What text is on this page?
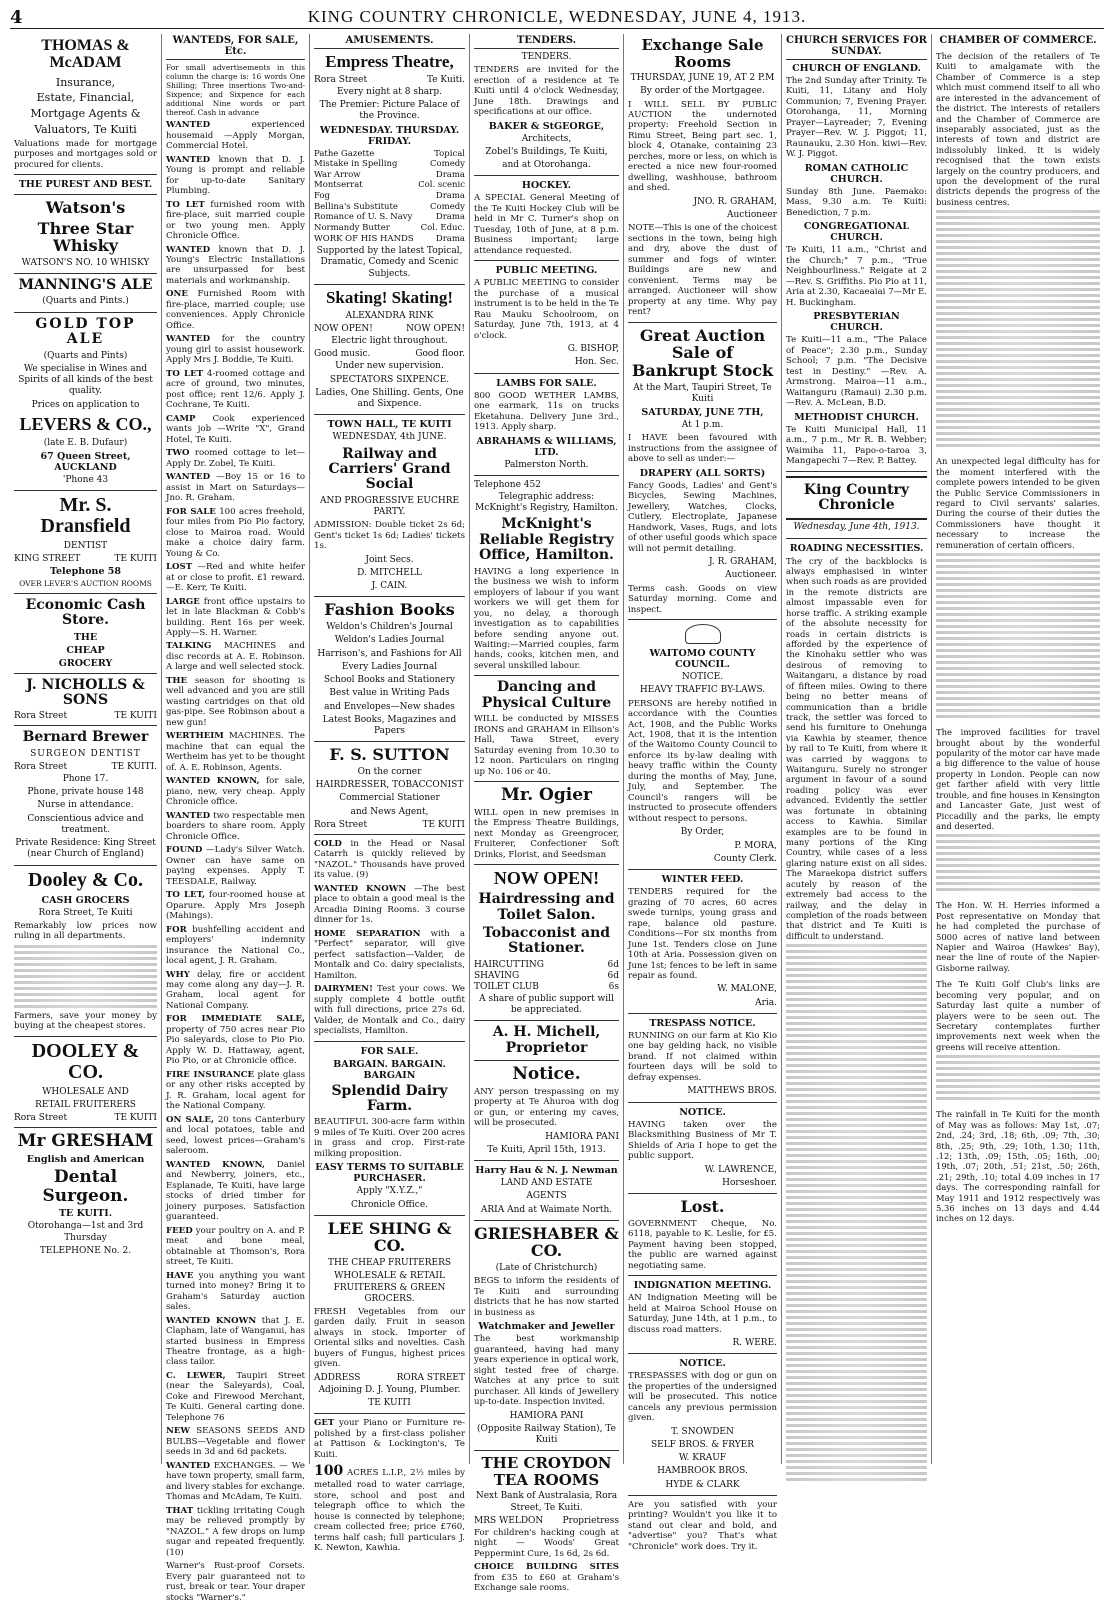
4	KING COUNTRY CHRONICLE, WEDNESDAY, JUNE 4, 1913.
THOMAS & McADAM
Insurance,
Estate, Financial,
Mortgage Agents &
Valuators, Te Kuiti
Valuations made for mortgage purposes and mortgages sold or procured for clients.
THE PUREST AND BEST.
Watson's
Three Star Whisky
WATSON'S NO. 10 WHISKY
MANNING'S ALE
(Quarts and Pints.)
GOLD TOP ALE
(Quarts and Pints)
We specialise in Wines and Spirits of all kinds of the best quality.
Prices on application to
LEVERS & CO.,
(late E. B. Dufaur)
67 Queen Street, AUCKLAND
'Phone 43
Mr. S. Dransfield
DENTIST
KING STREET	TE KUITI
Telephone 58
OVER LEVER'S AUCTION ROOMS
Economic Cash Store.
THE
CHEAP
GROCERY
J. NICHOLLS & SONS
Rora Street	TE KUITI
Bernard Brewer
SURGEON DENTIST
Rora Street	TE KUITI.
Phone 17.
Phone, private house 148
Nurse in attendance.
Conscientious advice and treatment.
Private Residence: King Street (near Church of England)
Dooley & Co.
CASH GROCERS
Rora Street, Te Kuiti
Remarkably low prices now ruling in all departments.
Farmers, save your money by buying at the cheapest stores.
DOOLEY & CO.
WHOLESALE AND
RETAIL FRUITERERS
Rora Street	TE KUITI
Mr GRESHAM
English and American
Dental Surgeon.
TE KUITI.
Otorohanga—1st and 3rd Thursday
TELEPHONE No. 2.
WANTEDS, FOR SALE, Etc.
For small advertisements in this column the charge is: 16 words One Shilling; Three insertions Two-and-Sixpence; and Sixpence for each additional Nine words or part thereof. Cash in advance
WANTED	experienced housemaid —Apply Morgan, Commercial Hotel.
WANTED known that D. J. Young is prompt and reliable for up-to-date Sanitary Plumbing.
TO LET furnished room with fire-place, suit married couple or two young men. Apply Chronicle Office.
WANTED known that D. J. Young's Electric Installations are unsurpassed for best materials and workmanship.
ONE Furnished Room with fire-place, married couple; use conveniences. Apply Chronicle Office.
WANTED for the country young girl to assist housework. Apply Mrs J. Boddie, Te Kuiti.
TO LET 4-roomed cottage and acre of ground, two minutes, post office; rent 12/6. Apply J. Cochrane, Te Kuiti.
CAMP Cook experienced wants job —Write "X", Grand Hotel, Te Kuiti.
TWO roomed cottage to let—Apply Dr. Zobel, Te Kuiti.
WANTED —Boy 15 or 16 to assist in Mart on Saturdays—Jno. R. Graham.
FOR SALE 100 acres freehold, four miles from Pio Pio factory, close to Mairoa road. Would make a choice dairy farm. Young & Co.
LOST —Red and white heifer at or close to profit. £1 reward.—E. Kerr, Te Kuiti.
LARGE front office upstairs to let in late Blackman & Cobb's building. Rent 16s per week. Apply—S. H. Warner.
TALKING MACHINES and disc records at A. E. Robinson. A large and well selected stock.
THE season for shooting is well advanced and you are still wasting cartridges on that old gas-pipe. See Robinson about a new gun!
WERTHEIM MACHINES. The machine that can equal the Wertheim has yet to be thought of. A. E. Robinson, Agents.
WANTED KNOWN, for sale, piano, new, very cheap. Apply Chronicle office.
WANTED two respectable men boarders to share room. Apply Chronicle Office.
FOUND —Lady's Silver Watch. Owner can have same on paying expenses. Apply T. TEESDALE, Railway.
TO LET, four-roomed house at Oparure. Apply Mrs Joseph (Mahings).
FOR bushfelling accident and employers' indemnity insurance the National Co., local agent, J. R. Graham.
WHY delay, fire or accident may come along any day—J. R. Graham, local agent for National Company.
FOR IMMEDIATE SALE, property of 750 acres near Pio Pio saleyards, close to Pio Pio. Apply W. D. Hattaway, agent, Pio Pio, or at Chronicle office.
FIRE INSURANCE plate glass or any other risks accepted by J. R. Graham, local agent for the National Company.
ON SALE, 20 tons Canterbury and local potatoes, table and seed, lowest prices—Graham's saleroom.
WANTED KNOWN, Daniel and Newberry, joiners, etc., Esplanade, Te Kuiti, have large stocks of dried timber for joinery purposes. Satisfaction guaranteed.
FEED your poultry on A. and P. meat and bone meal, obtainable at Thomson's, Rora street, Te Kuiti.
HAVE you anything you want turned into money? Bring it to Graham's Saturday auction sales.
WANTED KNOWN that J. E. Clapham, late of Wanganui, has started business in Empress Theatre frontage, as a high-class tailor.
C. LEWER, Taupiri Street (near the Saleyards), Coal, Coke and Firewood Merchant, Te Kuiti. General carting done. Telephone 76
NEW SEASONS SEEDS AND BULBS—Vegetable and flower seeds in 3d and 6d packets.
WANTED EXCHANGES. — We have town property, small farm, and livery stables for exchange. Thomas and McAdam, Te Kuiti.
THAT tickling irritating Cough may be relieved promptly by "NAZOL." A few drops on lump sugar and repeated frequently. (10)
Warner's Rust-proof Corsets. Every pair guaranteed not to rust, break or tear. Your draper stocks "Warner's."
AMUSEMENTS.
Empress Theatre,
Rora Street	Te Kuiti.
Every night at 8 sharp.
The Premier: Picture Palace of the Province.
WEDNESDAY. THURSDAY. FRIDAY.
Pathe Gazette	Topical
Mistake in Spelling	Comedy
War Arrow	Drama
Montserrat	Col. scenic
Fog	Drama
Bellina's Substitute	Comedy
Romance of U. S. Navy	Drama
Normandy Butter	Col. Educ.
WORK OF HIS HANDS	Drama
Supported by the latest Topical, Dramatic, Comedy and Scenic Subjects.
Skating! Skating!
ALEXANDRA RINK
NOW OPEN!	NOW OPEN!
Electric light throughout.
Good music.	Good floor.
Under new supervision.
SPECTATORS SIXPENCE.
Ladies, One Shilling. Gents, One and Sixpence.
TOWN HALL, TE KUITI
WEDNESDAY, 4th JUNE.
Railway and Carriers' Grand Social
AND PROGRESSIVE EUCHRE PARTY.
ADMISSION: Double ticket 2s 6d; Gent's ticket 1s 6d; Ladies' tickets 1s.
Joint Secs.
D. MITCHELL
J. CAIN.
Fashion Books
Weldon's Children's Journal
Weldon's Ladies Journal
Harrison's, and Fashions for All
Every Ladies Journal
School Books and Stationery
Best value in Writing Pads
and Envelopes—New shades
Latest Books, Magazines and Papers
F. S. SUTTON
On the corner
HAIRDRESSER, TOBACCONIST
Commercial Stationer
and News Agent,
Rora Street	TE KUITI
COLD in the Head or Nasal Catarrh is quickly relieved by "NAZOL." Thousands have proved its value. (9)
WANTED KNOWN —The best place to obtain a good meal is the Arcadia Dining Rooms. 3 course dinner for 1s.
HOME SEPARATION with a "Perfect" separator, will give perfect satisfaction—Valder, de Montalk and Co. dairy specialists, Hamilton.
DAIRYMEN! Test your cows. We supply complete 4 bottle outfit with full directions, price 27s 6d. Valder, de Montalk and Co., dairy specialists, Hamilton.
FOR SALE.
BARGAIN. BARGAIN. BARGAIN
Splendid Dairy Farm.
BEAUTIFUL 300-acre farm within 9 miles of Te Kuiti. Over 200 acres in grass and crop. First-rate milking proposition.
EASY TERMS TO SUITABLE PURCHASER.
Apply "X.Y.Z.,"
Chronicle Office.
LEE SHING & CO.
THE CHEAP FRUITERERS
WHOLESALE & RETAIL FRUITERERS & GREEN GROCERS.
FRESH Vegetables from our garden daily. Fruit in season always in stock. Importer of Oriental silks and novelties. Cash buyers of Fungus, highest prices given.
ADDRESS	RORA STREET
Adjoining D. J. Young, Plumber.
TE KUITI
GET your Piano or Furniture re-polished by a first-class polisher at Pattison & Lockington's, Te Kuiti.
100 ACRES L.I.P., 2½ miles by metalled road to water carriage, store, school and post and telegraph office to which the house is connected by telephone; cream collected free; price £760, terms half cash; full particulars J. K. Newton, Kawhia.
TENDERS.
TENDERS.
TENDERS are invited for the erection of a residence at Te Kuiti until 4 o'clock Wednesday, June 18th. Drawings and specifications at our office.
BAKER & StGEORGE,
Architects,
Zobel's Buildings, Te Kuiti,
and at Otorohanga.
HOCKEY.
A SPECIAL General Meeting of the Te Kuiti Hockey Club will be held in Mr C. Turner's shop on Tuesday, 10th of June, at 8 p.m. Business important; large attendance requested.
PUBLIC MEETING.
A PUBLIC MEETING to consider the purchase of a musical instrument is to be held in the Te Rau Mauku Schoolroom, on Saturday, June 7th, 1913, at 4 o'clock.
G. BISHOP,
Hon. Sec.
LAMBS FOR SALE.
800 GOOD WETHER LAMBS, one earmark, 11s on trucks Eketahuna. Delivery June 3rd., 1913. Apply sharp.
ABRAHAMS & WILLIAMS, LTD.
Palmerston North.
Telephone 452
Telegraphic address: McKnight's Registry, Hamilton.
McKnight's Reliable Registry Office, Hamilton.
HAVING a long experience in the business we wish to inform employers of labour if you want workers we will get them for you, no delay, a thorough investigation as to capabilities before sending anyone out. Waiting:—Married couples, farm hands, cooks, kitchen men, and several unskilled labour.
Dancing and Physical Culture
WILL be conducted by MISSES IRONS and GRAHAM in Ellison's Hall, Tawa Street, every Saturday evening from 10.30 to 12 noon. Particulars on ringing up No. 106 or 40.
Mr. Ogier
WILL open in new premises in the Empress Theatre Buildings, next Monday as Greengrocer, Fruiterer, Confectioner Soft Drinks, Florist, and Seedsman
NOW OPEN!
Hairdressing and Toilet Salon.
Tobacconist and Stationer.
HAIRCUTTING	6d
SHAVING	6d
TOILET CLUB	6s
A share of public support will be appreciated.
A. H. Michell, Proprietor
Notice.
ANY person trespassing on my property at Te Ahuroa with dog or gun, or entering my caves, will be prosecuted.
HAMIORA PANI
Te Kuiti, April 15th, 1913.
Harry Hau & N. J. Newman
LAND AND ESTATE
AGENTS
ARIA And at Waimate North.
GRIESHABER & CO.
(Late of Christchurch)
BEGS to inform the residents of Te Kuiti and surrounding districts that he has now started in business as
Watchmaker and Jeweller
The best workmanship guaranteed, having had many years experience in optical work, sight tested free of charge. Watches at any price to suit purchaser. All kinds of Jewellery up-to-date. Inspection invited.
HAMIORA PANI
(Opposite Railway Station), Te Kuiti
THE CROYDON TEA ROOMS
Next Bank of Australasia, Rora Street, Te Kuiti.
MRS WELDON Proprietress
For children's hacking cough at night — Woods' Great Peppermint Cure, 1s 6d, 2s 6d.
CHOICE BUILDING SITES from £35 to £60 at Graham's Exchange sale rooms.
Exchange Sale Rooms
THURSDAY, JUNE 19, AT 2 P.M
By order of the Mortgagee.
I WILL SELL BY PUBLIC AUCTION the undernoted property: Freehold Section in Rimu Street, Being part sec. 1, block 4, Otanake, containing 23 perches, more or less, on which is erected a nice new four-roomed dwelling, washhouse, bathroom and shed.
JNO. R. GRAHAM,
Auctioneer
NOTE—This is one of the choicest sections in the town, being high and dry, above the dust of summer and fogs of winter. Buildings are new and convenient. Terms may be arranged. Auctioneer will show property at any time. Why pay rent?
Great Auction Sale of Bankrupt Stock
At the Mart, Taupiri Street, Te Kuiti
SATURDAY, JUNE 7TH,
At 1 p.m.
I HAVE been favoured with instructions from the assignee of above to sell as under:—
DRAPERY (ALL SORTS)
Fancy Goods, Ladies' and Gent's Bicycles, Sewing Machines, Jewellery, Watches, Clocks, Cutlery, Electroplate, Japanese Handwork, Vases, Rugs, and lots of other useful goods which space will not permit detailing.
J. R. GRAHAM,
Auctioneer.
Terms cash. Goods on view Saturday morning. Come and inspect.
WAITOMO COUNTY COUNCIL.
NOTICE.
HEAVY TRAFFIC BY-LAWS.
PERSONS are hereby notified in accordance with the Counties Act, 1908, and the Public Works Act, 1908, that it is the intention of the Waitomo County Council to enforce its by-law dealing with heavy traffic within the County during the months of May, June, July, and September. The Council's rangers will be instructed to prosecute offenders without respect to persons.
By Order,
P. MORA,
County Clerk.
WINTER FEED.
TENDERS required for the grazing of 70 acres, 60 acres swede turnips, young grass and rape, balance old pasture. Conditions—For six months from June 1st. Tenders close on June 10th at Aria. Possession given on June 1st; fences to be left in same repair as found.
W. MALONE,
Aria.
TRESPASS NOTICE.
RUNNING on our farm at Kio Kio one bay gelding hack, no visible brand. If not claimed within fourteen days will be sold to defray expenses.
MATTHEWS BROS.
NOTICE.
HAVING taken over the Blacksmithing Business of Mr T. Shields of Aria I hope to get the public support.
W. LAWRENCE,
Horseshoer.
Lost.
GOVERNMENT Cheque, No. 6118, payable to K. Leslie, for £5. Payment having been stopped, the public are warned against negotiating same.
INDIGNATION MEETING.
AN Indignation Meeting will be held at Mairoa School House on Saturday, June 14th, at 1 p.m., to discuss road matters.
R. WERE.
NOTICE.
TRESPASSES with dog or gun on the properties of the undersigned will be prosecuted. This notice cancels any previous permission given.
T. SNOWDEN
SELF BROS. & FRYER
W. KRAUF
HAMBROOK BROS.
HYDE & CLARK
Are you satisfied with your printing? Wouldn't you like it to stand out clear and bold, and "advertise" you? That's what "Chronicle" work does. Try it.
CHURCH SERVICES FOR SUNDAY.
CHURCH OF ENGLAND.
The 2nd Sunday after Trinity. Te Kuiti, 11, Litany and Holy Communion; 7, Evening Prayer. Otorohanga, 11, Morning Prayer—Layreader; 7, Evening Prayer—Rev. W. J. Piggot; 11, Raunauku, 2.30 Hon. kiwi—Rev. W. J. Piggot.
ROMAN CATHOLIC CHURCH.
Sunday 8th June. Paemako: Mass, 9.30 a.m. Te Kuiti: Benediction, 7 p.m.
CONGREGATIONAL CHURCH.
Te Kuiti, 11 a.m., "Christ and the Church;" 7 p.m., "True Neighbourliness." Reigate at 2—Rev. S. Griffiths. Pio Pio at 11, Aria at 2.30, Kacaeaiai 7—Mr E. H. Buckingham.
PRESBYTERIAN CHURCH.
Te Kuiti—11 a.m., "The Palace of Peace"; 2.30 p.m., Sunday School; 7 p.m. "The Decisive test in Destiny." —Rev. A. Armstrong. Mairoa—11 a.m., Waitanguru (Ramaui) 2.30 p.m.—Rev. A. McLean, B.D.
METHODIST CHURCH.
Te Kuiti Municipal Hall, 11 a.m., 7 p.m., Mr R. B. Webber; Waimiha 11, Papo-o-taroa 3, Mangapechi 7—Rev. P. Battey.
King Country Chronicle
Wednesday, June 4th, 1913.
ROADING NECESSITIES.
The cry of the backblocks is always emphasised in winter when such roads as are provided in the remote districts are almost impassable even for horse traffic. A striking example of the absolute necessity for roads in certain districts is afforded by the experience of the Kinohaku settler who was desirous of removing to Waitangaru, a distance by road of fifteen miles. Owing to there being no better means of communication than a bridle track, the settler was forced to send his furniture to Onehunga via Kawhia by steamer, thence by rail to Te Kuiti, from where it was carried by waggons to Waitanguru. Surely no stronger argument in favour of a sound roading policy was ever advanced. Evidently the settler was fortunate in obtaining access to Kawhia. Similar examples are to be found in many portions of the King Country, while cases of a less glaring nature exist on all sides. The Maraekopa district suffers acutely by reason of the extremely bad access to the railway, and the delay in completion of the roads between that district and Te Kuiti is difficult to understand.
CHAMBER OF COMMERCE.
The decision of the retailers of Te Kuiti to amalgamate with the Chamber of Commerce is a step which must commend itself to all who are interested in the advancement of the district. The interests of retailers and the Chamber of Commerce are inseparably associated, just as the interests of town and district are indissolubly linked. It is widely recognised that the town exists largely on the country producers, and upon the development of the rural districts depends the progress of the business centres.
An unexpected legal difficulty has for the moment interfered with the complete powers intended to be given the Public Service Commissioners in regard to Civil servants' salaries. During the course of their duties the Commissioners have thought it necessary to increase the remuneration of certain officers.
The improved facilities for travel brought about by the wonderful popularity of the motor car have made a big difference to the value of house property in London. People can now get farther afield with very little trouble, and fine houses in Kensington and Lancaster Gate, just west of Piccadilly and the parks, lie empty and deserted.
The Hon. W. H. Herries informed a Post representative on Monday that he had completed the purchase of 5000 acres of native land between Napier and Wairoa (Hawkes' Bay), near the line of route of the Napier-Gisborne railway.
The Te Kuiti Golf Club's links are becoming very popular, and on Saturday last quite a number of players were to be seen out. The Secretary contemplates further improvements next week when the greens will receive attention.
The rainfall in Te Kuiti for the month of May was as follows: May 1st, .07; 2nd, .24; 3rd, .18; 6th, .09; 7th, .30; 8th, .25; 9th, .29; 10th, 1.30; 11th, .12; 13th, .09; 15th, .05; 16th, .00; 19th, .07; 20th, .51; 21st, .50; 26th, .21; 29th, .10; total 4.09 inches in 17 days. The corresponding rainfall for May 1911 and 1912 respectively was 5.36 inches on 13 days and 4.44 inches on 12 days.
